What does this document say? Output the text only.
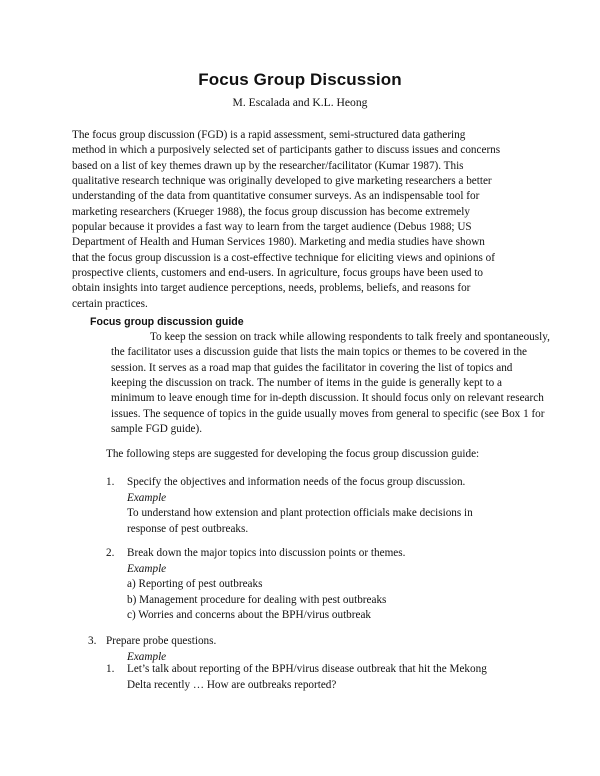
Focus Group Discussion
M. Escalada and K.L. Heong
The focus group discussion (FGD) is a rapid assessment, semi-structured data gathering
method in which a purposively selected set of participants gather to discuss issues and concerns
based on a list of key themes drawn up by the researcher/facilitator (Kumar 1987). This
qualitative research technique was originally developed to give marketing researchers a better
understanding of the data from quantitative consumer surveys. As an indispensable tool for
marketing researchers (Krueger 1988), the focus group discussion has become extremely
popular because it provides a fast way to learn from the target audience (Debus 1988; US
Department of Health and Human Services 1980). Marketing and media studies have shown
that the focus group discussion is a cost-effective technique for eliciting views and opinions of
prospective clients, customers and end-users. In agriculture, focus groups have been used to
obtain insights into target audience perceptions, needs, problems, beliefs, and reasons for
certain practices.
Focus group discussion guide
To keep the session on track while allowing respondents to talk freely and spontaneously,
the facilitator uses a discussion guide that lists the main topics or themes to be covered in the
session. It serves as a road map that guides the facilitator in covering the list of topics and
keeping the discussion on track. The number of items in the guide is generally kept to a
minimum to leave enough time for in-depth discussion. It should focus only on relevant research
issues. The sequence of topics in the guide usually moves from general to specific (see Box 1 for
sample FGD guide).
The following steps are suggested for developing the focus group discussion guide:
1. Specify the objectives and information needs of the focus group discussion.
Example
To understand how extension and plant protection officials make decisions in
response of pest outbreaks.
2. Break down the major topics into discussion points or themes.
Example
a) Reporting of pest outbreaks
b) Management procedure for dealing with pest outbreaks
c) Worries and concerns about the BPH/virus outbreak
3. Prepare probe questions.
Example
1. Let’s talk about reporting of the BPH/virus disease outbreak that hit the Mekong
Delta recently … How are outbreaks reported?
